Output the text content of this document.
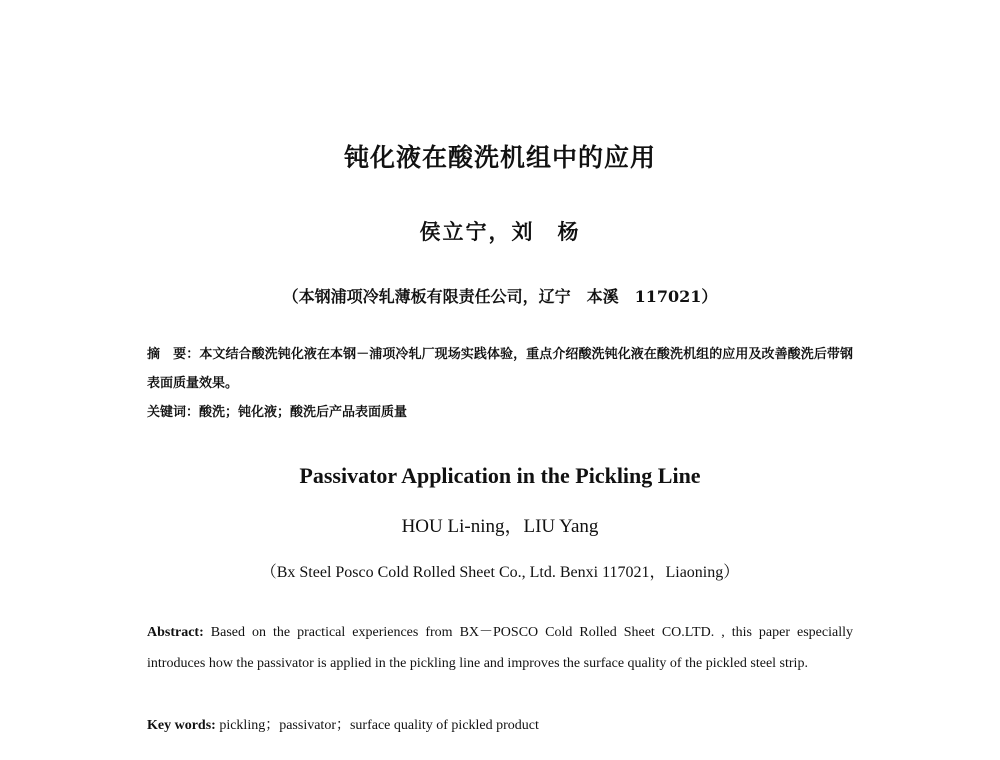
钝化液在酸洗机组中的应用
侯立宁，刘　杨
（本钢浦项冷轧薄板有限责任公司，辽宁　本溪　117021）
摘　要：本文结合酸洗钝化液在本钢－浦项冷轧厂现场实践体验，重点介绍酸洗钝化液在酸洗机组的应用及改善酸洗后带钢表面质量效果。
关键词：酸洗；钝化液；酸洗后产品表面质量
Passivator Application in the Pickling Line
HOU Li-ning，LIU Yang
（Bx Steel Posco Cold Rolled Sheet Co., Ltd. Benxi 117021，Liaoning）
Abstract: Based on the practical experiences from BX－POSCO Cold Rolled Sheet CO.LTD. , this paper especially introduces how the passivator is applied in the pickling line and improves the surface quality of the pickled steel strip.
Key words: pickling；passivator；surface quality of pickled product
